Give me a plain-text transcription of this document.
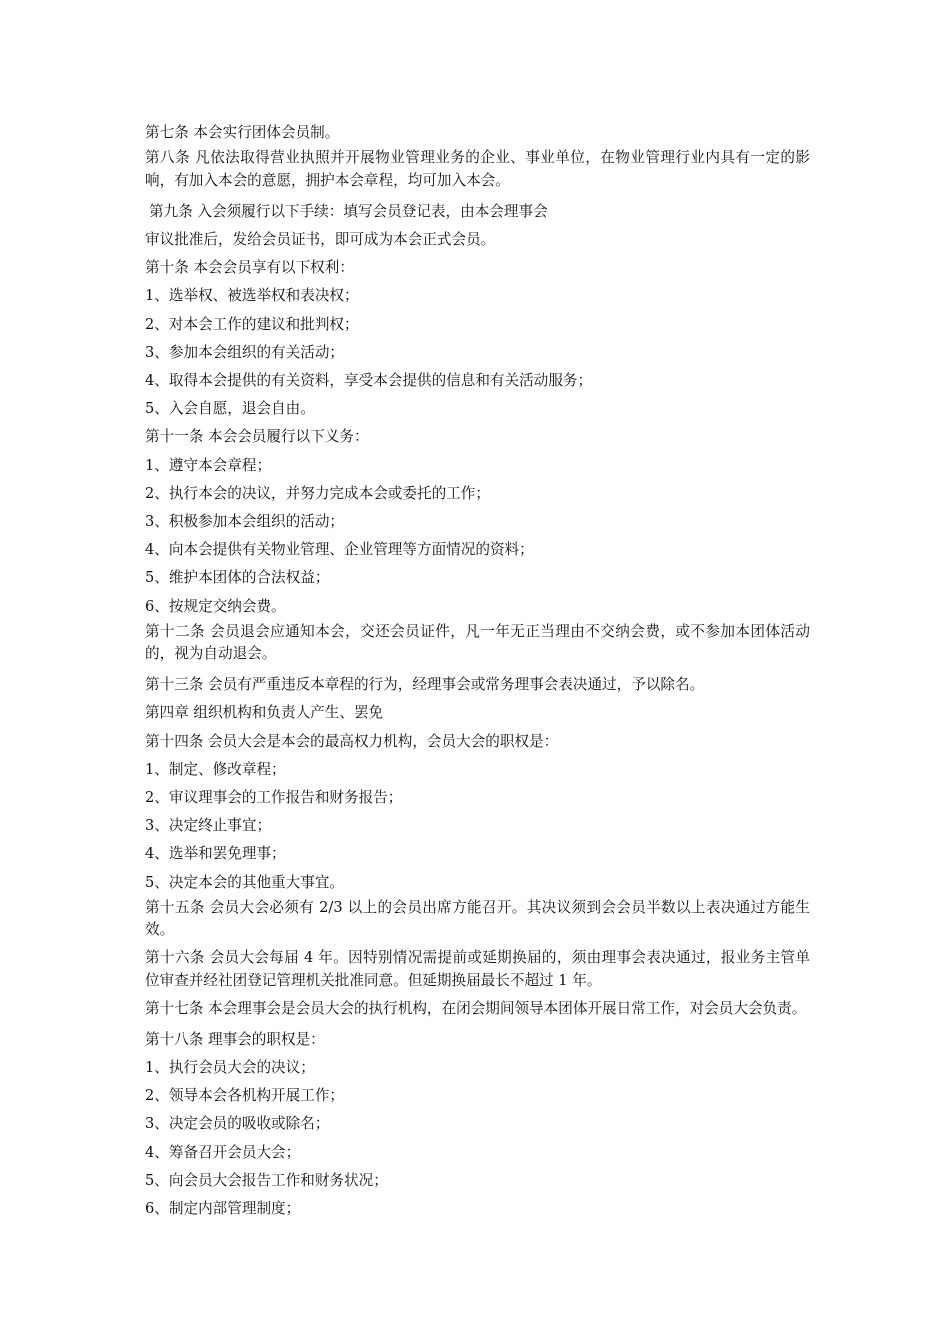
第七条 本会实行团体会员制。
第八条 凡依法取得营业执照并开展物业管理业务的企业、事业单位，在物业管理行业内具有一定的影响，有加入本会的意愿，拥护本会章程，均可加入本会。
第九条 入会须履行以下手续：填写会员登记表，由本会理事会
审议批准后，发给会员证书，即可成为本会正式会员。
第十条 本会会员享有以下权利：
1、选举权、被选举权和表决权；
2、对本会工作的建议和批判权；
3、参加本会组织的有关活动；
4、取得本会提供的有关资料，享受本会提供的信息和有关活动服务；
5、入会自愿，退会自由。
第十一条 本会会员履行以下义务：
1、遵守本会章程；
2、执行本会的决议，并努力完成本会或委托的工作；
3、积极参加本会组织的活动；
4、向本会提供有关物业管理、企业管理等方面情况的资料；
5、维护本团体的合法权益；
6、按规定交纳会费。
第十二条 会员退会应通知本会，交还会员证件，凡一年无正当理由不交纳会费，或不参加本团体活动的，视为自动退会。
第十三条 会员有严重违反本章程的行为，经理事会或常务理事会表决通过，予以除名。
第四章 组织机构和负责人产生、罢免
第十四条 会员大会是本会的最高权力机构，会员大会的职权是：
1、制定、修改章程；
2、审议理事会的工作报告和财务报告；
3、决定终止事宜；
4、选举和罢免理事；
5、决定本会的其他重大事宜。
第十五条 会员大会必须有 2/3 以上的会员出席方能召开。其决议须到会会员半数以上表决通过方能生效。
第十六条 会员大会每届 4 年。因特别情况需提前或延期换届的，须由理事会表决通过，报业务主管单位审查并经社团登记管理机关批准同意。但延期换届最长不超过 1 年。
第十七条 本会理事会是会员大会的执行机构，在闭会期间领导本团体开展日常工作，对会员大会负责。
第十八条 理事会的职权是：
1、执行会员大会的决议；
2、领导本会各机构开展工作；
3、决定会员的吸收或除名；
4、筹备召开会员大会；
5、向会员大会报告工作和财务状况；
6、制定内部管理制度；
